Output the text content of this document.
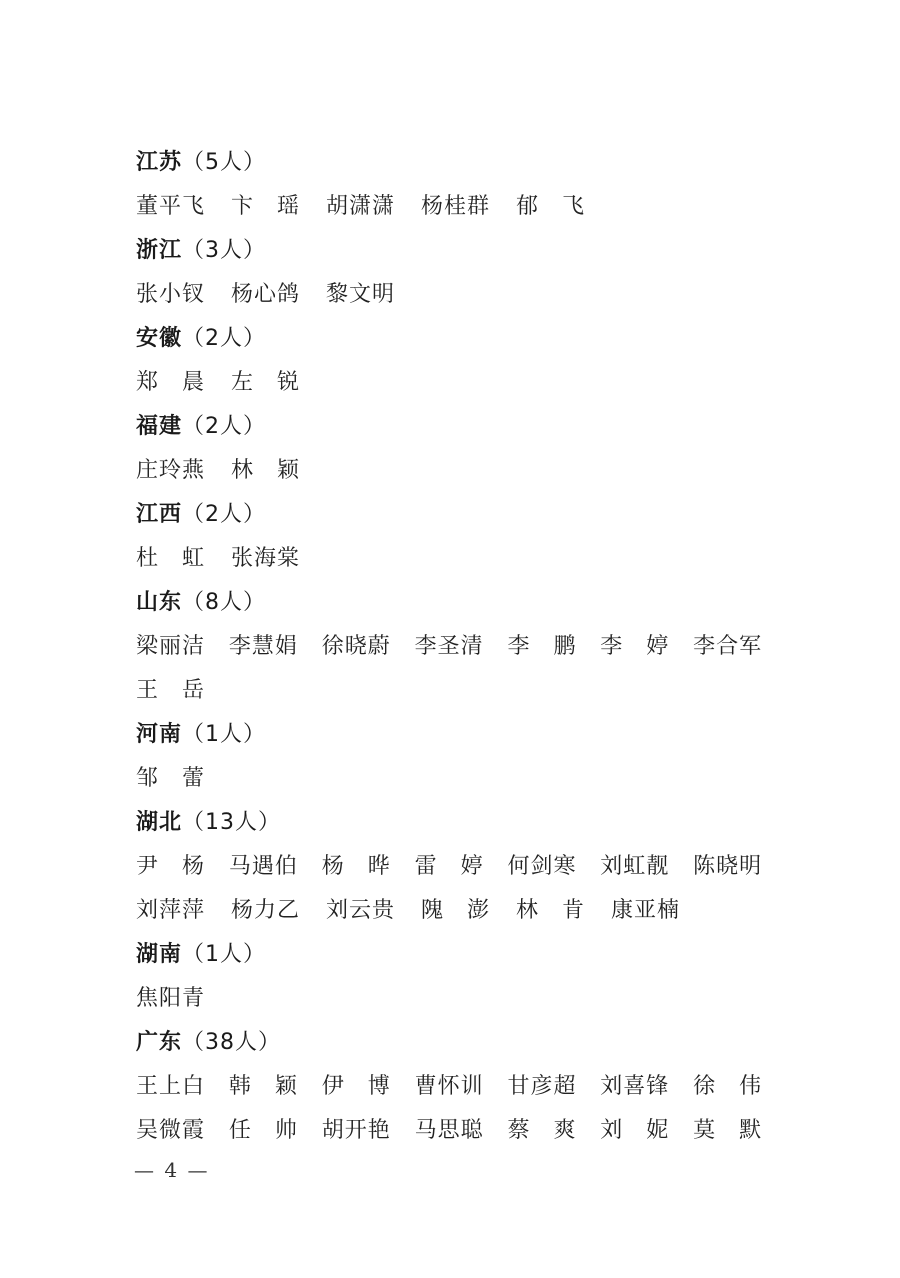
江苏 （5人）
董平飞	卞　瑶	胡潇潇	杨桂群	郁　飞
浙江 （3人）
张小钗	杨心鸽	黎文明
安徽 （2人）
郑　晨	左　锐
福建 （2人）
庄玲燕	林　颖
江西 （2人）
杜　虹	张海棠
山东 （8人）
梁丽洁	李慧娟	徐晓蔚	李圣清	李　鹏	李　婷	李合军
王　岳
河南 （1人）
邹　蕾
湖北 （13人）
尹　杨	马遇伯	杨　晔	雷　婷	何剑寒	刘虹靓	陈晓明
刘萍萍	杨力乙	刘云贵	隗　澎	林　肯	康亚楠
湖南 （1人）
焦阳青
广东 （38人）
王上白	韩　颖	伊　博	曹怀训	甘彦超	刘喜锋	徐　伟
吴微霞	任　帅	胡开艳	马思聪	蔡　爽	刘　妮	莫　默
— 4 —
